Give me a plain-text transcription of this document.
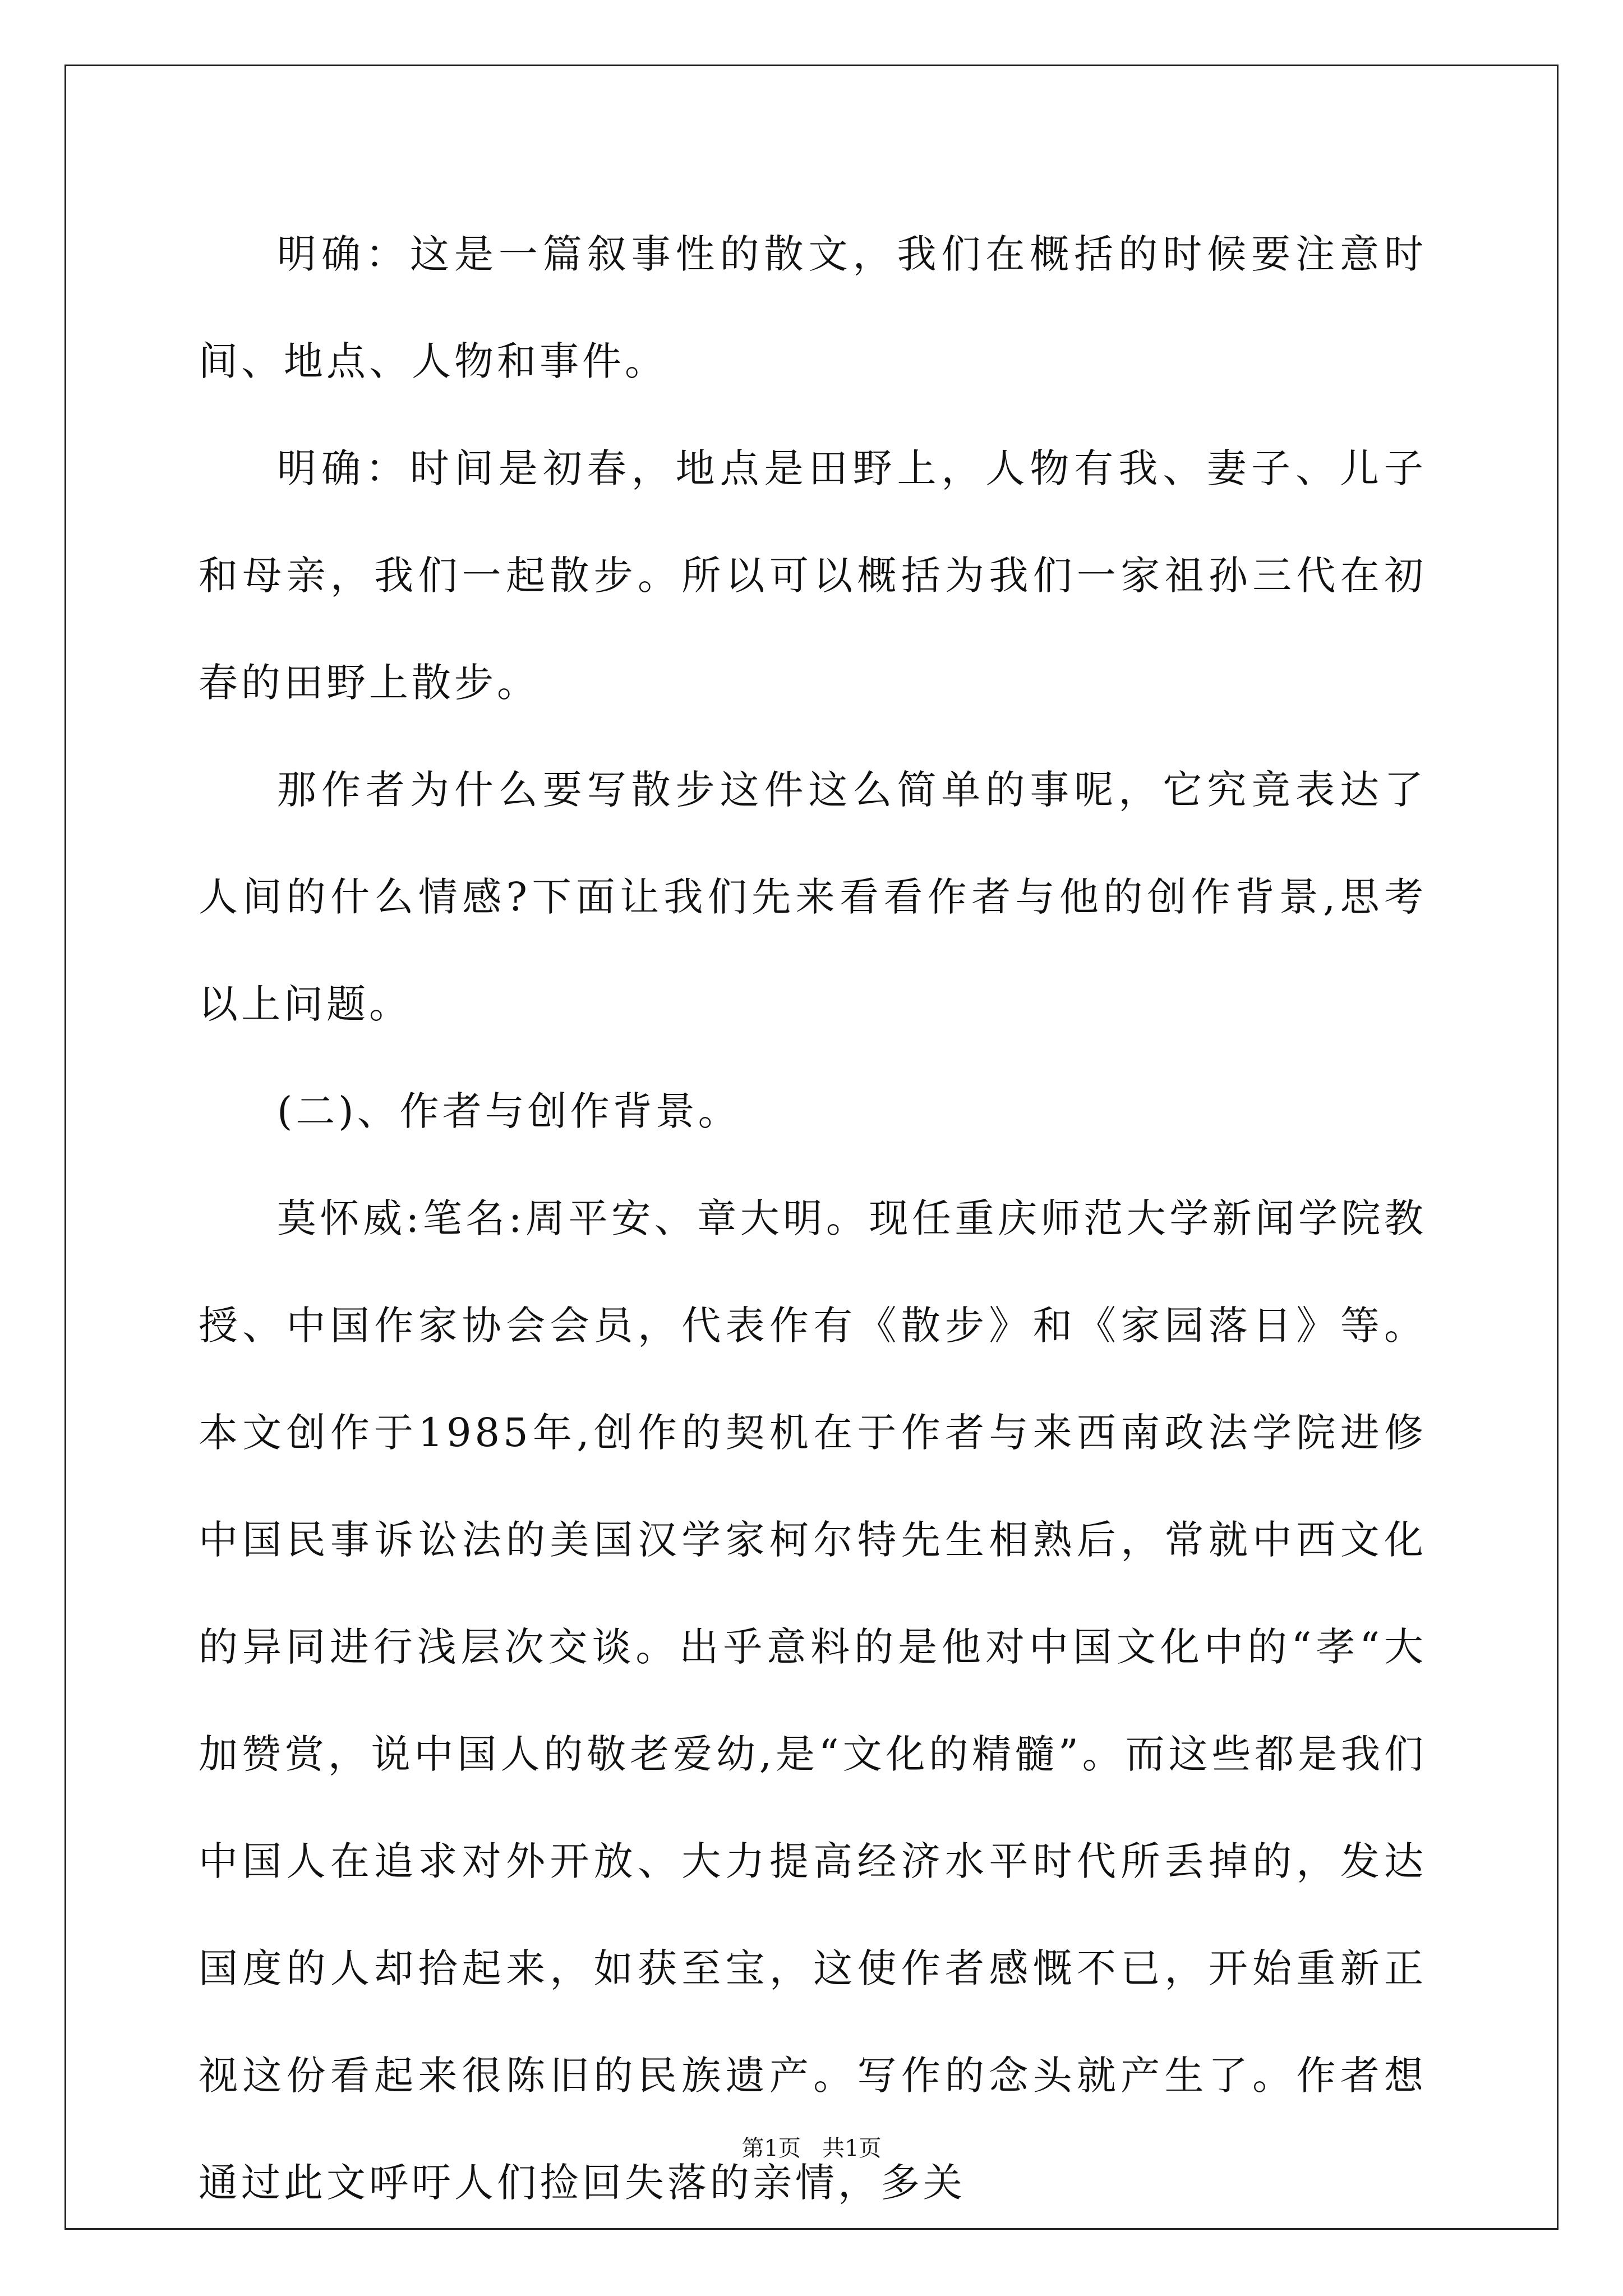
明确：这是一篇叙事性的散文，我们在概括的时候要注意时间、地点、人物和事件。

明确：时间是初春，地点是田野上，人物有我、妻子、儿子和母亲，我们一起散步。所以可以概括为我们一家祖孙三代在初春的田野上散步。

那作者为什么要写散步这件这么简单的事呢，它究竟表达了人间的什么情感?下面让我们先来看看作者与他的创作背景,思考以上问题。

(二)、作者与创作背景。

莫怀威:笔名:周平安、章大明。现任重庆师范大学新闻学院教授、中国作家协会会员，代表作有《散步》和《家园落日》等。本文创作于1985年,创作的契机在于作者与来西南政法学院进修中国民事诉讼法的美国汉学家柯尔特先生相熟后，常就中西文化的异同进行浅层次交谈。出乎意料的是他对中国文化中的“孝“大加赞赏，说中国人的敬老爱幼,是“文化的精髓”。而这些都是我们中国人在追求对外开放、大力提高经济水平时代所丢掉的，发达国度的人却拾起来，如获至宝，这使作者感慨不已，开始重新正视这份看起来很陈旧的民族遗产。写作的念头就产生了。作者想通过此文呼吁人们捡回失落的亲情，多关

第1页 共1页
